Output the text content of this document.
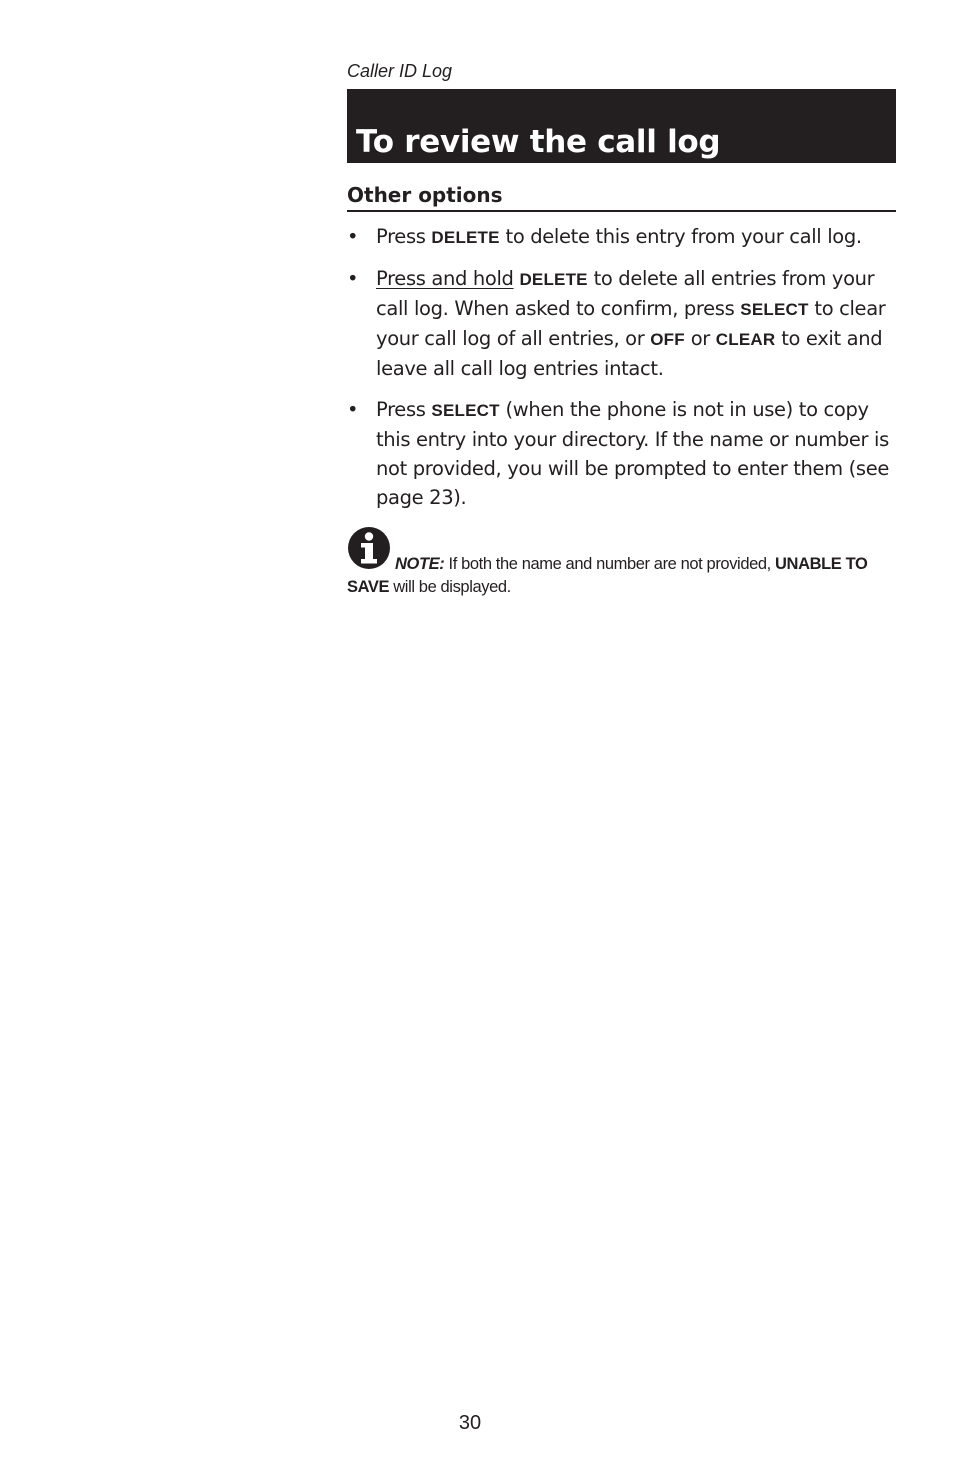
Caller ID Log
To review the call log
Other options
• Press DELETE to delete this entry from your call log.
• Press and hold DELETE to delete all entries from your call log. When asked to confirm, press SELECT to clear your call log of all entries, or OFF or CLEAR to exit and leave all call log entries intact.
• Press SELECT (when the phone is not in use) to copy this entry into your directory. If the name or number is not provided, you will be prompted to enter them (see page 23).
NOTE: If both the name and number are not provided, UNABLE TO SAVE will be displayed.
30
